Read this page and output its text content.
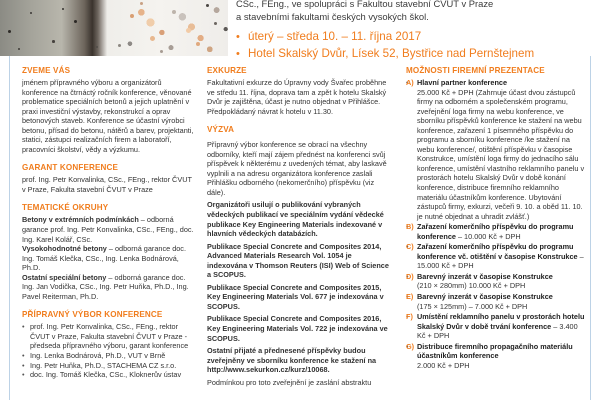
CSc., FEng., ve spolupráci s Fakultou stavební ČVUT v Praze
a stavebními fakultami českých vysokých škol.
• úterý – středa 10. – 11. října 2017
• Hotel Skalský Dvůr, Lísek 52, Bystřice nad Pernštejnem
ZVEME VÁS

jménem přípravného výboru a organizátorů konference na čtrnáctý ročník konference, věnované problematice speciálních betonů a jejich uplatnění v praxi investiční výstavby, rekonstrukcí a oprav betonových staveb. Konference se účastní výrobci betonu, přísad do betonu, nátěrů a barev, projektanti, statici, zástupci realizačních firem a laboratoří, pracovníci školství, vědy a výzkumu.

GARANT KONFERENCE

prof. Ing. Petr Konvalinka, CSc., FEng., rektor ČVUT v Praze, Fakulta stavební ČVUT v Praze

TEMATICKÉ OKRUHY

Betony v extrémních podmínkách – odborná garance prof. Ing. Petr Konvalinka, CSc., FEng., doc. Ing. Karel Kolář, CSc.

Vysokohodnotné betony – odborná garance doc. Ing. Tomáš Klečka, CSc., Ing. Lenka Bodnárová, Ph.D.

Ostatní speciální betony – odborná garance doc. Ing. Jan Vodička, CSc., Ing. Petr Huňka, Ph.D., Ing. Pavel Reiterman, Ph.D.

PŘÍPRAVNÝ VÝBOR KONFERENCE
• prof. Ing. Petr Konvalinka, CSc., FEng., rektor ČVUT v Praze, Fakulta stavební ČVUT v Praze - předseda přípravného výboru, garant konference
• Ing. Lenka Bodnárová, Ph.D., VUT v Brně
• Ing. Petr Huňka, Ph.D., STACHEMA CZ s.r.o.
• doc. Ing. Tomáš Klečka, CSc., Kloknerův ústav
EXKURZE

Fakultativní exkurze do Úpravny vody Švařec proběhne ve středu 11. října, doprava tam a zpět k hotelu Skalský Dvůr je zajištěna, účast je nutno objednat v Přihlášce.

Předpokládaný návrat k hotelu v 11.30.

VÝZVA

Přípravný výbor konference se obrací na všechny odborníky, kteří mají zájem přednést na konferenci svůj příspěvek k některému z uvedených témat, aby laskavě vyplnili a na adresu organizátora konference zaslali Přihlášku odborného (nekomerčního) příspěvku (viz dále).

Organizátoři usilují o publikování vybraných vědeckých publikací ve speciálním vydání vědecké publikace Key Engineering Materials indexované v hlavních vědeckých databázích.

Publikace Special Concrete and Composites 2014, Advanced Materials Research Vol. 1054 je indexována v Thomson Reuters (ISI) Web of Science a SCOPUS.

Publikace Special Concrete and Composites 2015, Key Engineering Materials Vol. 677 je indexována v SCOPUS.

Publikace Special Concrete and Composites 2016, Key Engineering Materials Vol. 722 je indexována ve SCOPUS.

Ostatní přijaté a přednesené příspěvky budou zveřejněny ve sborníku konference ke stažení na http://www.sekurkon.cz/kurz/10068.

Podmínkou pro toto zveřejnění je zaslání abstraktu

MOŽNOSTI FIREMNÍ PREZENTACE
• A) Hlavní partner konference
25.000 Kč + DPH (Zahrnuje účast dvou zástupců firmy na odborném a společenském programu, zveřejnění loga firmy na webu konference, ve sborníku příspěvků konference ke stažení na webu konference, zařazení 1 písemného příspěvku do programu a sborníku konference /ke stažení na webu konference/, otištění příspěvku v časopise Konstrukce, umístění loga firmy do jednacího sálu konference, umístění vlastního reklamního panelu v prostorách hotelu Skalský Dvůr v době konání konference, distribuce firemního reklamního materiálu účastníkům konference. Ubytování zástupců firmy, exkurzi, večeři 9. 10. a oběd 11. 10. je nutné objednat a uhradit zvlášť.)
• B) Zařazení komerčního příspěvku do programu konference – 10.000 Kč + DPH
• C) Zařazení komerčního příspěvku do programu konference vč. otištění v časopise Konstrukce – 15.000 Kč + DPH
• D) Barevný inzerát v časopise Konstrukce
(210 × 280mm) 10.000 Kč + DPH
• E) Barevný inzerát v časopise Konstrukce
(175 × 125mm) – 7.000 Kč + DPH
• F) Umístění reklamního panelu v prostorách hotelu Skalský Dvůr v době trvání konference – 3.400 Kč + DPH
• G) Distribuce firemního propagačního materiálu účastníkům konference
2.000 Kč + DPH
